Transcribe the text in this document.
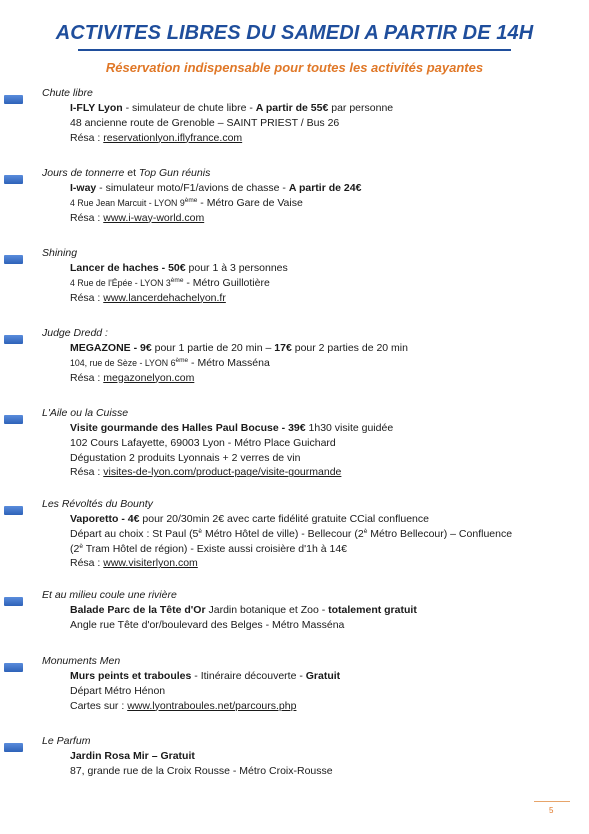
ACTIVITES LIBRES DU SAMEDI A PARTIR DE 14H
Réservation indispensable pour toutes les activités payantes
Chute libre
I-FLY Lyon - simulateur de chute libre - A partir de 55€ par personne
48 ancienne route de Grenoble – SAINT PRIEST / Bus 26
Résa : reservationlyon.iflyfrance.com
Jours de tonnerre et Top Gun réunis
I-way - simulateur moto/F1/avions de chasse - A partir de 24€
4 Rue Jean Marcuit - LYON 9ème - Métro Gare de Vaise
Résa : www.i-way-world.com
Shining
Lancer de haches - 50€ pour 1 à 3 personnes
4 Rue de l'Épée - LYON 3ème - Métro Guillotière
Résa : www.lancerdehachelyon.fr
Judge Dredd :
MEGAZONE - 9€ pour 1 partie de 20 min – 17€ pour 2 parties de 20 min
104, rue de Sèze - LYON 6ème - Métro Masséna
Résa : megazonelyon.com
L'Aile ou la Cuisse
Visite gourmande des Halles Paul Bocuse - 39€ 1h30 visite guidée
102 Cours Lafayette, 69003 Lyon - Métro Place Guichard
Dégustation 2 produits Lyonnais + 2 verres de vin
Résa : visites-de-lyon.com/product-page/visite-gourmande
Les Révoltés du Bounty
Vaporetto - 4€ pour 20/30min 2€ avec carte fidélité gratuite CCial confluence
Départ au choix : St Paul ($5^è$ Métro Hôtel de ville) - Bellecour ($2^è$ Métro Bellecour) – Confluence
($2^è$ Tram Hôtel de région) - Existe aussi croisière d'1h à 14€
Résa : www.visiterlyon.com
Et au milieu coule une rivière
Balade Parc de la Tête d'Or Jardin botanique et Zoo - totalement gratuit
Angle rue Tête d'or/boulevard des Belges - Métro Masséna
Monuments Men
Murs peints et traboules - Itinéraire découverte - Gratuit
Départ Métro Hénon
Cartes sur : www.lyontraboules.net/parcours.php
Le Parfum
Jardin Rosa Mir – Gratuit
87, grande rue de la Croix Rousse - Métro Croix-Rousse
5
